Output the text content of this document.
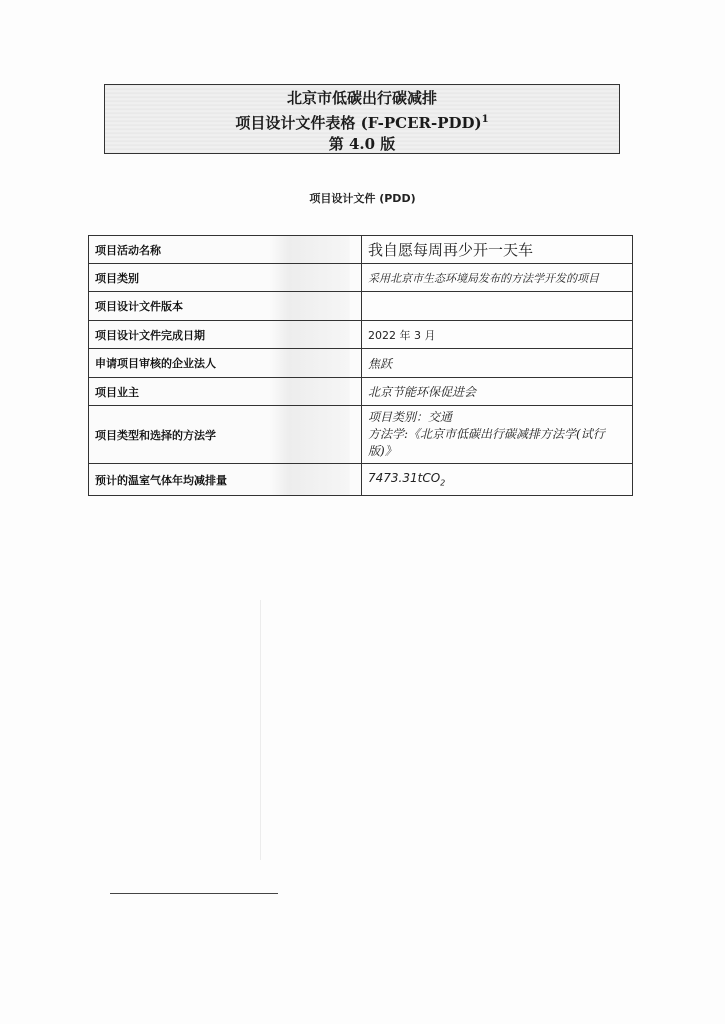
北京市低碳出行碳减排
项目设计文件表格 (F-PCER-PDD)$^1$
第 4.0 版
项目设计文件 (PDD)
项目活动名称	我自愿每周再少开一天车
项目类别	采用北京市生态环境局发布的方法学开发的项目
项目设计文件版本	
项目设计文件完成日期	2022 年 3 月
申请项目审核的企业法人	焦跃
项目业主	北京节能环保促进会
项目类型和选择的方法学	项目类别：交通
方法学:《北京市低碳出行碳减排方法学(试行版)》

预计的温室气体年均减排量	7473.31tCO$_2$
